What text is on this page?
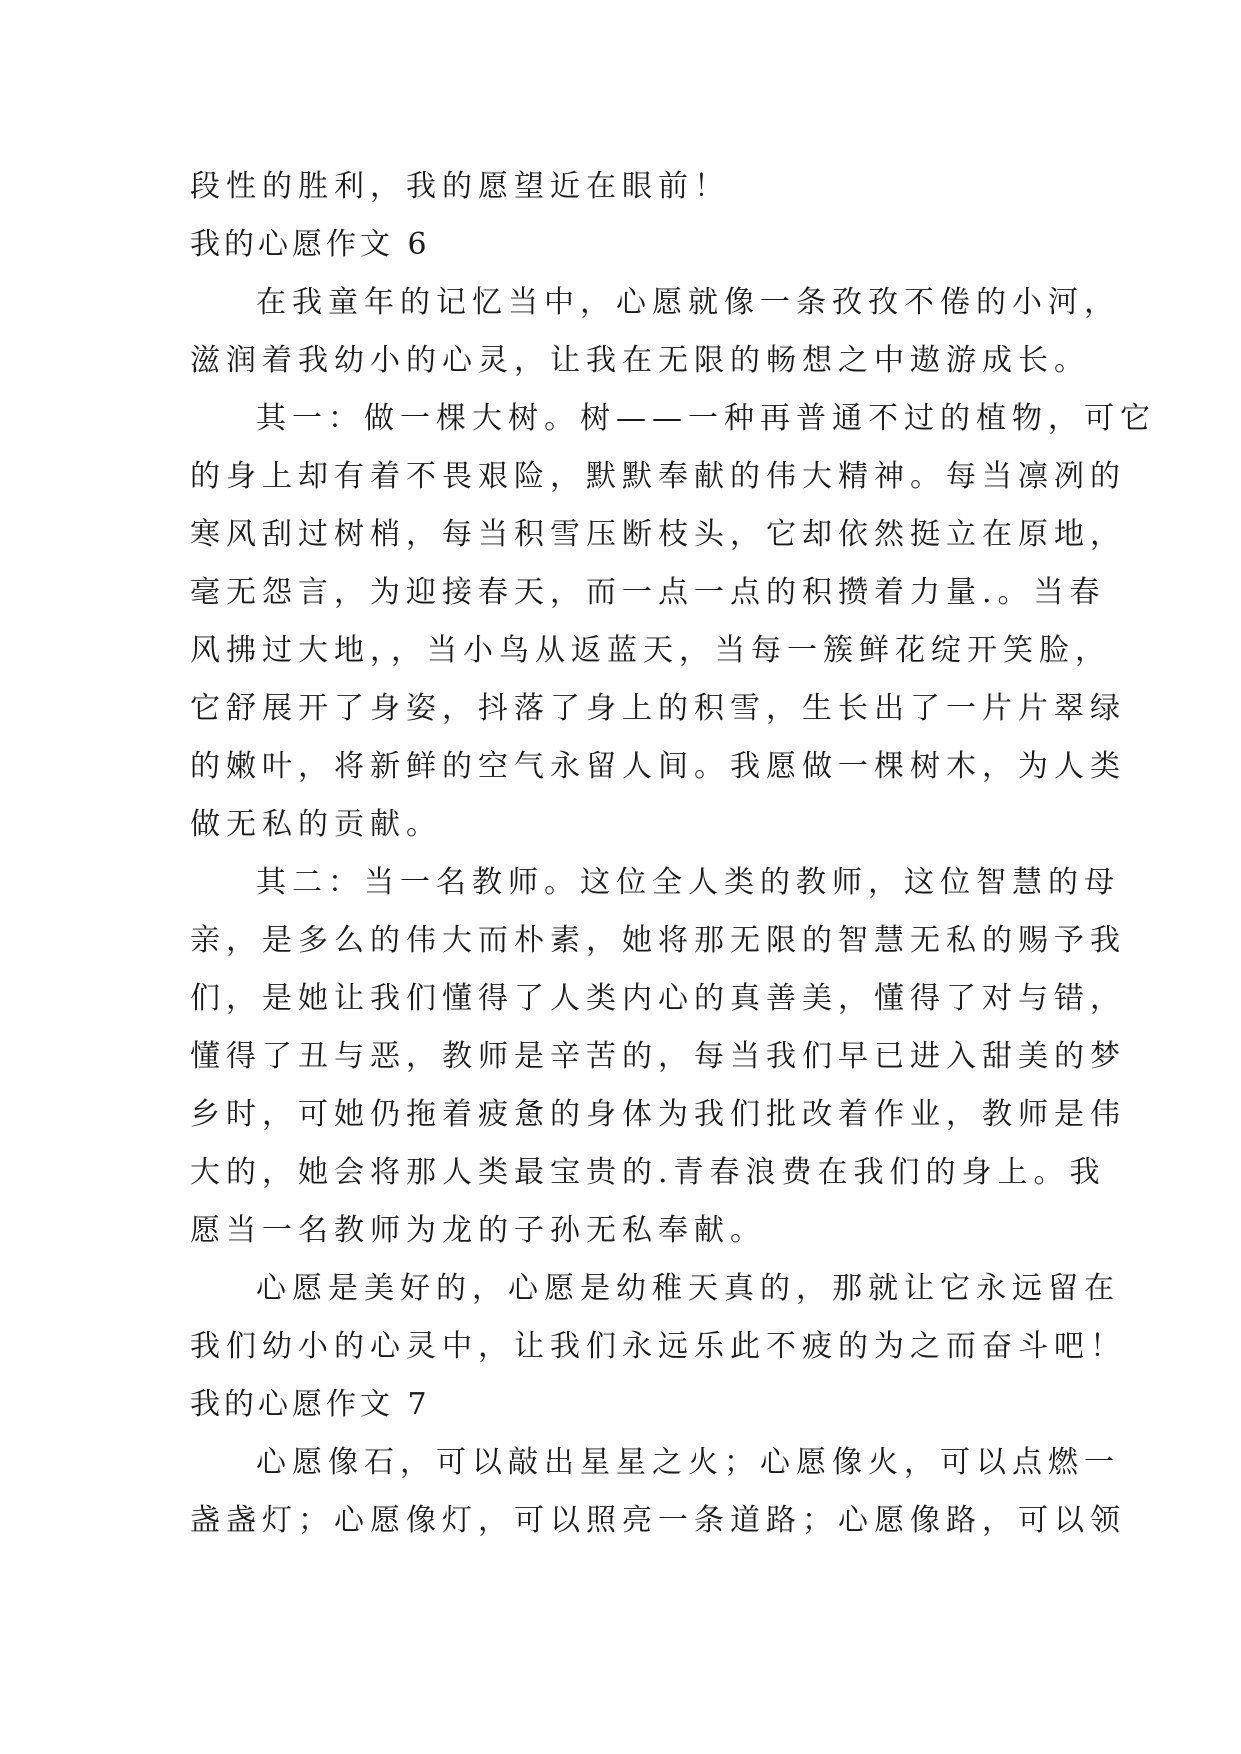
段性的胜利，我的愿望近在眼前！
我的心愿作文 6
在我童年的记忆当中，心愿就像一条孜孜不倦的小河，
滋润着我幼小的心灵，让我在无限的畅想之中遨游成长。
其一：做一棵大树。树——一种再普通不过的植物，可它
的身上却有着不畏艰险，默默奉献的伟大精神。每当凛冽的
寒风刮过树梢，每当积雪压断枝头，它却依然挺立在原地，
毫无怨言，为迎接春天，而一点一点的积攒着力量.。当春
风拂过大地，，当小鸟从返蓝天，当每一簇鲜花绽开笑脸，
它舒展开了身姿，抖落了身上的积雪，生长出了一片片翠绿
的嫩叶，将新鲜的空气永留人间。我愿做一棵树木，为人类
做无私的贡献。
其二：当一名教师。这位全人类的教师，这位智慧的母
亲，是多么的伟大而朴素，她将那无限的智慧无私的赐予我
们，是她让我们懂得了人类内心的真善美，懂得了对与错，
懂得了丑与恶，教师是辛苦的，每当我们早已进入甜美的梦
乡时，可她仍拖着疲惫的身体为我们批改着作业，教师是伟
大的，她会将那人类最宝贵的.青春浪费在我们的身上。我
愿当一名教师为龙的子孙无私奉献。
心愿是美好的，心愿是幼稚天真的，那就让它永远留在
我们幼小的心灵中，让我们永远乐此不疲的为之而奋斗吧！
我的心愿作文 7
心愿像石，可以敲出星星之火；心愿像火，可以点燃一
盏盏灯；心愿像灯，可以照亮一条道路；心愿像路，可以领
